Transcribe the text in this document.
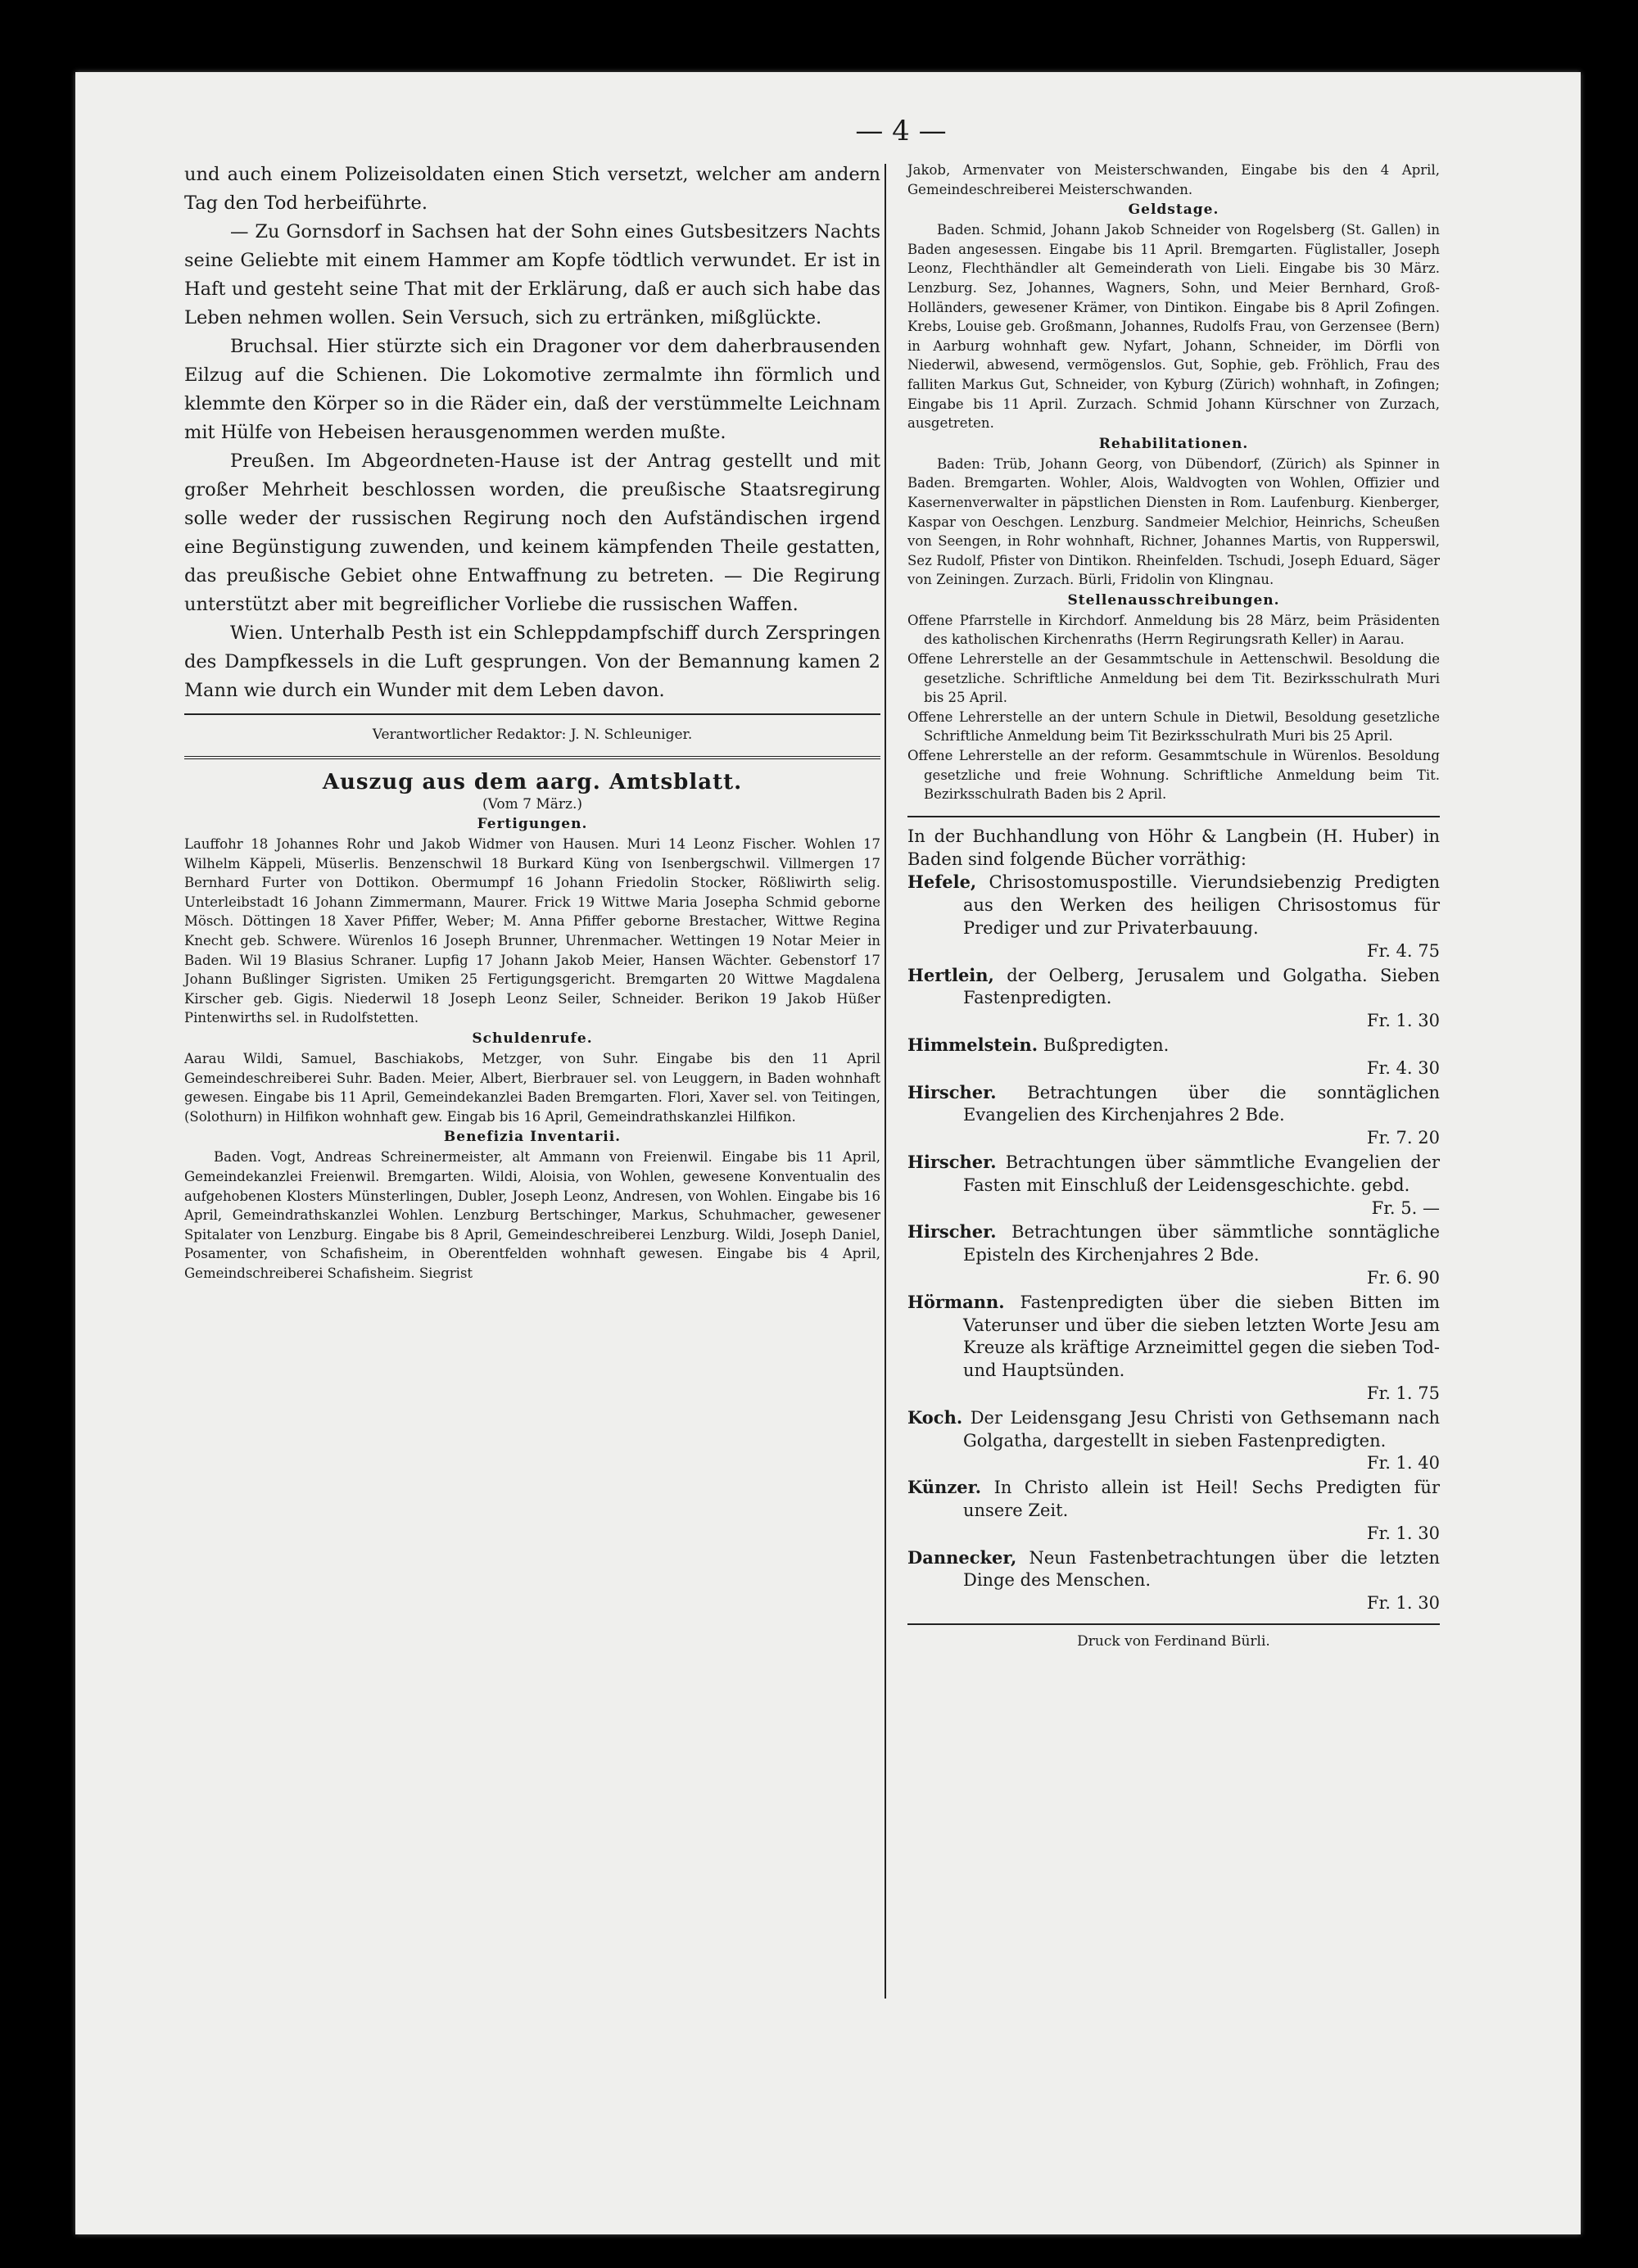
— 4 —

und auch einem Polizeisoldaten einen Stich versetzt, welcher am andern Tag den Tod herbeiführte.

— Zu Gornsdorf in Sachsen hat der Sohn eines Gutsbesitzers Nachts seine Geliebte mit einem Hammer am Kopfe tödtlich verwundet. Er ist in Haft und gesteht seine That mit der Erklärung, daß er auch sich habe das Leben nehmen wollen. Sein Versuch, sich zu ertränken, mißglückte.

Bruchsal. Hier stürzte sich ein Dragoner vor dem daherbrausenden Eilzug auf die Schienen. Die Lokomotive zermalmte ihn förmlich und klemmte den Körper so in die Räder ein, daß der verstümmelte Leichnam mit Hülfe von Hebeisen herausgenommen werden mußte.

Preußen. Im Abgeordneten-Hause ist der Antrag gestellt und mit großer Mehrheit beschlossen worden, die preußische Staatsregirung solle weder der russischen Regirung noch den Aufständischen irgend eine Begünstigung zuwenden, und keinem kämpfenden Theile gestatten, das preußische Gebiet ohne Entwaffnung zu betreten. — Die Regirung unterstützt aber mit begreiflicher Vorliebe die russischen Waffen.

Wien. Unterhalb Pesth ist ein Schleppdampfschiff durch Zerspringen des Dampfkessels in die Luft gesprungen. Von der Bemannung kamen 2 Mann wie durch ein Wunder mit dem Leben davon.

Verantwortlicher Redaktor: J. N. Schleuniger.
Auszug aus dem aarg. Amtsblatt.
(Vom 7 März.)
Fertigungen.

Lauffohr 18 Johannes Rohr und Jakob Widmer von Hausen. Muri 14 Leonz Fischer. Wohlen 17 Wilhelm Käppeli, Müserlis. Benzenschwil 18 Burkard Küng von Isenbergschwil. Villmergen 17 Bernhard Furter von Dottikon. Obermumpf 16 Johann Friedolin Stocker, Rößliwirth selig. Unterleibstadt 16 Johann Zimmermann, Maurer. Frick 19 Wittwe Maria Josepha Schmid geborne Mösch. Döttingen 18 Xaver Pfiffer, Weber; M. Anna Pfiffer geborne Brestacher, Wittwe Regina Knecht geb. Schwere. Würenlos 16 Joseph Brunner, Uhrenmacher. Wettingen 19 Notar Meier in Baden. Wil 19 Blasius Schraner. Lupfig 17 Johann Jakob Meier, Hansen Wächter. Gebenstorf 17 Johann Bußlinger Sigristen. Umiken 25 Fertigungsgericht. Bremgarten 20 Wittwe Magdalena Kirscher geb. Gigis. Niederwil 18 Joseph Leonz Seiler, Schneider. Berikon 19 Jakob Hüßer Pintenwirths sel. in Rudolfstetten.

Schuldenrufe.

Aarau Wildi, Samuel, Baschiakobs, Metzger, von Suhr. Eingabe bis den 11 April Gemeindeschreiberei Suhr. Baden. Meier, Albert, Bierbrauer sel. von Leuggern, in Baden wohnhaft gewesen. Eingabe bis 11 April, Gemeindekanzlei Baden Bremgarten. Flori, Xaver sel. von Teitingen, (Solothurn) in Hilfikon wohnhaft gew. Eingab bis 16 April, Gemeindrathskanzlei Hilfikon.

Benefizia Inventarii.

Baden. Vogt, Andreas Schreinermeister, alt Ammann von Freienwil. Eingabe bis 11 April, Gemeindekanzlei Freienwil. Bremgarten. Wildi, Aloisia, von Wohlen, gewesene Konventualin des aufgehobenen Klosters Münsterlingen, Dubler, Joseph Leonz, Andresen, von Wohlen. Eingabe bis 16 April, Gemeindrathskanzlei Wohlen. Lenzburg Bertschinger, Markus, Schuhmacher, gewesener Spitalater von Lenzburg. Eingabe bis 8 April, Gemeindeschreiberei Lenzburg. Wildi, Joseph Daniel, Posamenter, von Schafisheim, in Oberentfelden wohnhaft gewesen. Eingabe bis 4 April, Gemeindschreiberei Schafisheim. Siegrist

Jakob, Armenvater von Meisterschwanden, Eingabe bis den 4 April, Gemeindeschreiberei Meisterschwanden.

Geldstage.

Baden. Schmid, Johann Jakob Schneider von Rogelsberg (St. Gallen) in Baden angesessen. Eingabe bis 11 April. Bremgarten. Füglistaller, Joseph Leonz, Flechthändler alt Gemeinderath von Lieli. Eingabe bis 30 März. Lenzburg. Sez, Johannes, Wagners, Sohn, und Meier Bernhard, Groß-Holländers, gewesener Krämer, von Dintikon. Eingabe bis 8 April Zofingen. Krebs, Louise geb. Großmann, Johannes, Rudolfs Frau, von Gerzensee (Bern) in Aarburg wohnhaft gew. Nyfart, Johann, Schneider, im Dörfli von Niederwil, abwesend, vermögenslos. Gut, Sophie, geb. Fröhlich, Frau des falliten Markus Gut, Schneider, von Kyburg (Zürich) wohnhaft, in Zofingen; Eingabe bis 11 April. Zurzach. Schmid Johann Kürschner von Zurzach, ausgetreten.

Rehabilitationen.

Baden: Trüb, Johann Georg, von Dübendorf, (Zürich) als Spinner in Baden. Bremgarten. Wohler, Alois, Waldvogten von Wohlen, Offizier und Kasernenverwalter in päpstlichen Diensten in Rom. Laufenburg. Kienberger, Kaspar von Oeschgen. Lenzburg. Sandmeier Melchior, Heinrichs, Scheußen von Seengen, in Rohr wohnhaft, Richner, Johannes Martis, von Rupperswil, Sez Rudolf, Pfister von Dintikon. Rheinfelden. Tschudi, Joseph Eduard, Säger von Zeiningen. Zurzach. Bürli, Fridolin von Klingnau.

Stellenausschreibungen.

Offene Pfarrstelle in Kirchdorf. Anmeldung bis 28 März, beim Präsidenten des katholischen Kirchenraths (Herrn Regirungsrath Keller) in Aarau.

Offene Lehrerstelle an der Gesammtschule in Aettenschwil. Besoldung die gesetzliche. Schriftliche Anmeldung bei dem Tit. Bezirksschulrath Muri bis 25 April.

Offene Lehrerstelle an der untern Schule in Dietwil, Besoldung gesetzliche Schriftliche Anmeldung beim Tit Bezirksschulrath Muri bis 25 April.

Offene Lehrerstelle an der reform. Gesammtschule in Würenlos. Besoldung gesetzliche und freie Wohnung. Schriftliche Anmeldung beim Tit. Bezirksschulrath Baden bis 2 April.

In der Buchhandlung von Höhr & Langbein (H. Huber) in Baden sind folgende Bücher vorräthig:

Hefele, Chrisostomuspostille. Vierundsiebenzig Predigten aus den Werken des heiligen Chrisostomus für Prediger und zur Privaterbauung.
Fr. 4. 75

Hertlein, der Oelberg, Jerusalem und Golgatha. Sieben Fastenpredigten.
Fr. 1. 30

Himmelstein. Bußpredigten.
Fr. 4. 30

Hirscher. Betrachtungen über die sonntäglichen Evangelien des Kirchenjahres 2 Bde.
Fr. 7. 20

Hirscher. Betrachtungen über sämmtliche Evangelien der Fasten mit Einschluß der Leidensgeschichte. gebd.
Fr. 5. —

Hirscher. Betrachtungen über sämmtliche sonntägliche Episteln des Kirchenjahres 2 Bde.
Fr. 6. 90

Hörmann. Fastenpredigten über die sieben Bitten im Vaterunser und über die sieben letzten Worte Jesu am Kreuze als kräftige Arzneimittel gegen die sieben Tod- und Hauptsünden.
Fr. 1. 75

Koch. Der Leidensgang Jesu Christi von Gethsemann nach Golgatha, dargestellt in sieben Fastenpredigten.
Fr. 1. 40

Künzer. In Christo allein ist Heil! Sechs Predigten für unsere Zeit.
Fr. 1. 30

Dannecker, Neun Fastenbetrachtungen über die letzten Dinge des Menschen.
Fr. 1. 30

Druck von Ferdinand Bürli.
